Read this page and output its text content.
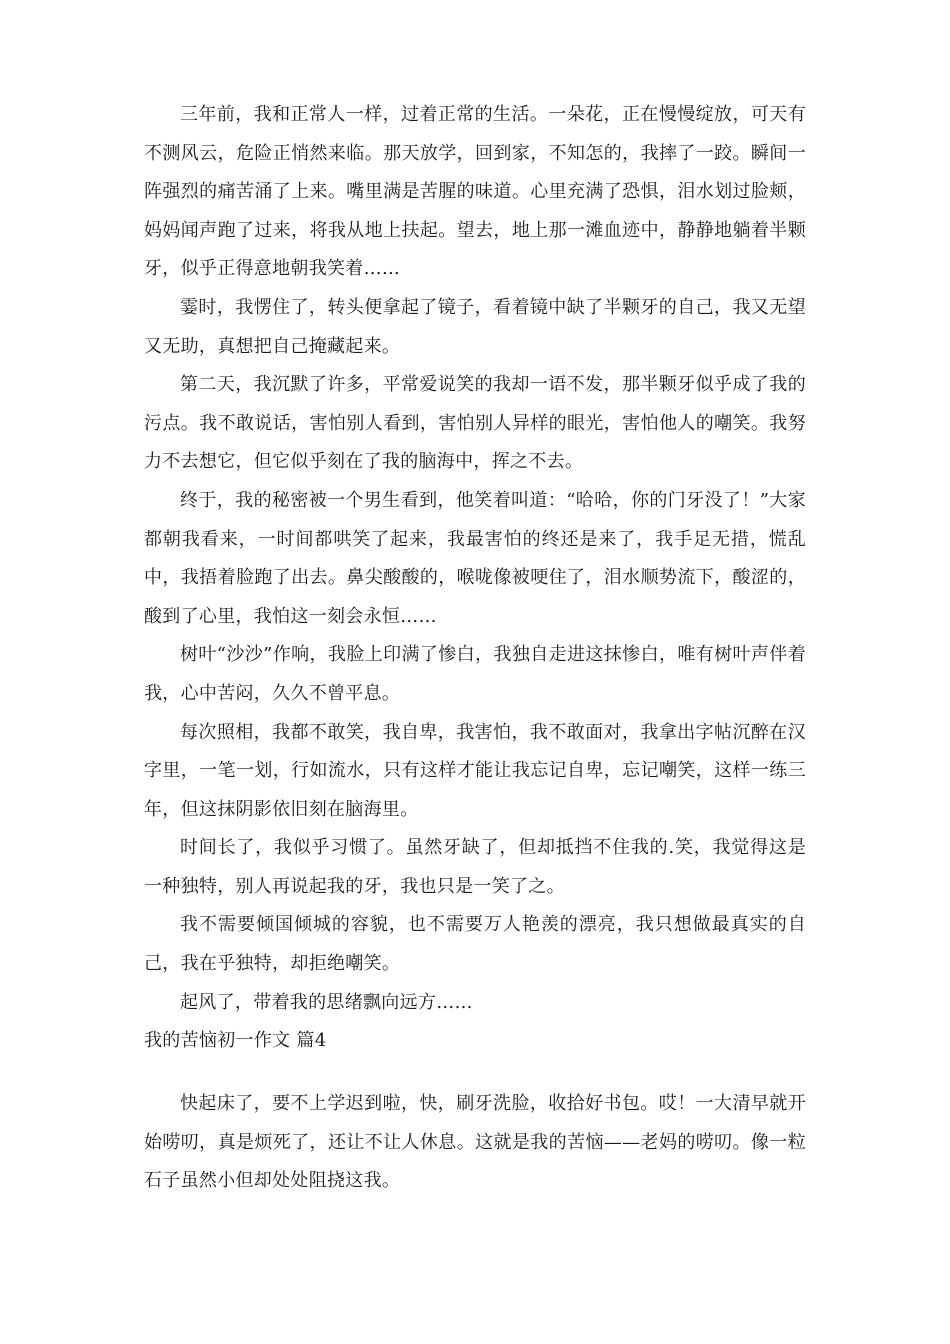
三年前，我和正常人一样，过着正常的生活。一朵花，正在慢慢绽放，可天有不测风云，危险正悄然来临。那天放学，回到家，不知怎的，我摔了一跤。瞬间一阵强烈的痛苦涌了上来。嘴里满是苦腥的味道。心里充满了恐惧，泪水划过脸颊，妈妈闻声跑了过来，将我从地上扶起。望去，地上那一滩血迹中，静静地躺着半颗牙，似乎正得意地朝我笑着……

霎时，我愣住了，转头便拿起了镜子，看着镜中缺了半颗牙的自己，我又无望又无助，真想把自己掩藏起来。

第二天，我沉默了许多，平常爱说笑的我却一语不发，那半颗牙似乎成了我的污点。我不敢说话，害怕别人看到，害怕别人异样的眼光，害怕他人的嘲笑。我努力不去想它，但它似乎刻在了我的脑海中，挥之不去。

终于，我的秘密被一个男生看到，他笑着叫道：“哈哈，你的门牙没了！”大家都朝我看来，一时间都哄笑了起来，我最害怕的终还是来了，我手足无措，慌乱中，我捂着脸跑了出去。鼻尖酸酸的，喉咙像被哽住了，泪水顺势流下，酸涩的，酸到了心里，我怕这一刻会永恒……

树叶“沙沙”作响，我脸上印满了惨白，我独自走进这抹惨白，唯有树叶声伴着我，心中苦闷，久久不曾平息。

每次照相，我都不敢笑，我自卑，我害怕，我不敢面对，我拿出字帖沉醉在汉字里，一笔一划，行如流水，只有这样才能让我忘记自卑，忘记嘲笑，这样一练三年，但这抹阴影依旧刻在脑海里。

时间长了，我似乎习惯了。虽然牙缺了，但却抵挡不住我的.笑，我觉得这是一种独特，别人再说起我的牙，我也只是一笑了之。

我不需要倾国倾城的容貌，也不需要万人艳羡的漂亮，我只想做最真实的自己，我在乎独特，却拒绝嘲笑。

起风了，带着我的思绪飘向远方……

我的苦恼初一作文 篇4

快起床了，要不上学迟到啦，快，刷牙洗脸，收拾好书包。哎！一大清早就开始唠叨，真是烦死了，还让不让人休息。这就是我的苦恼——老妈的唠叨。像一粒石子虽然小但却处处阻挠这我。
